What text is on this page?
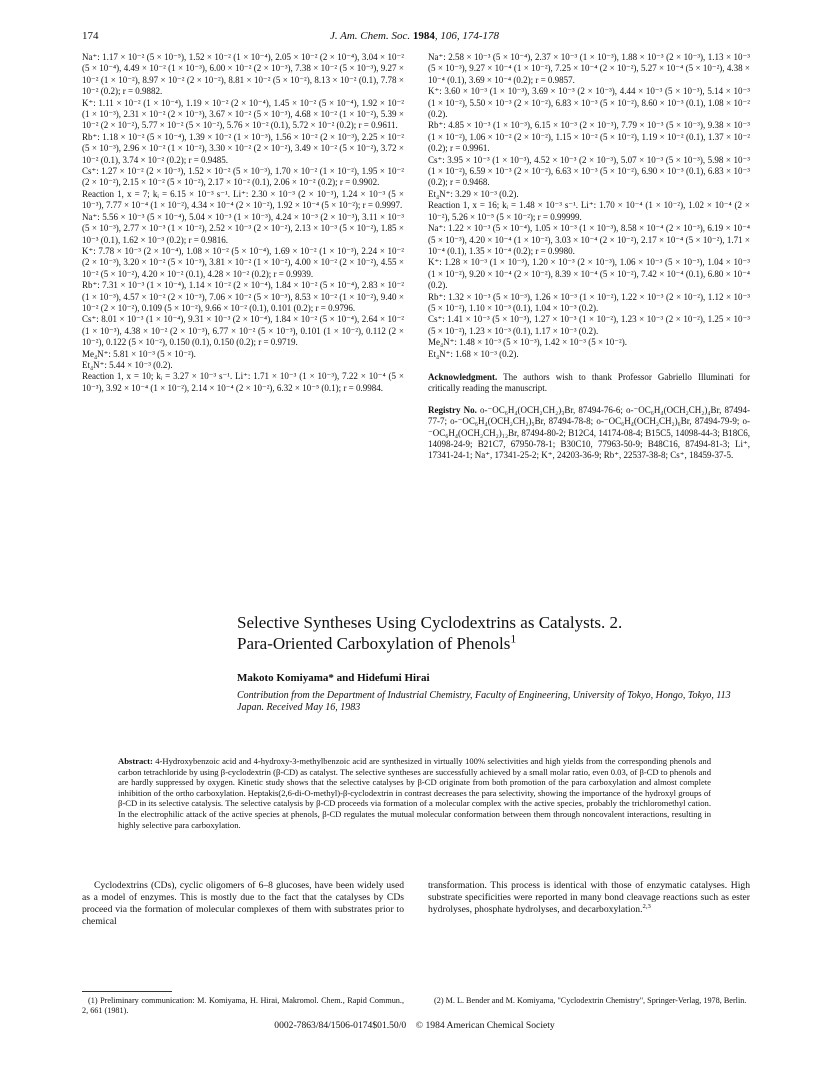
174	J. Am. Chem. Soc. 1984, 106, 174-178

Na⁺: 1.17 × 10⁻² (5 × 10⁻⁵), 1.52 × 10⁻² (1 × 10⁻⁴), 2.05 × 10⁻² (2 × 10⁻⁴), 3.04 × 10⁻² (5 × 10⁻⁴), 4.49 × 10⁻² (1 × 10⁻³), 6.00 × 10⁻² (2 × 10⁻³), 7.38 × 10⁻² (5 × 10⁻³), 9.27 × 10⁻² (1 × 10⁻²), 8.97 × 10⁻² (2 × 10⁻²), 8.81 × 10⁻² (5 × 10⁻²), 8.13 × 10⁻² (0.1), 7.78 × 10⁻² (0.2); r = 0.9882.

K⁺: 1.11 × 10⁻² (1 × 10⁻⁴), 1.19 × 10⁻² (2 × 10⁻⁴), 1.45 × 10⁻² (5 × 10⁻⁴), 1.92 × 10⁻² (1 × 10⁻³), 2.31 × 10⁻² (2 × 10⁻³), 3.67 × 10⁻² (5 × 10⁻³), 4.68 × 10⁻² (1 × 10⁻²), 5.39 × 10⁻² (2 × 10⁻²), 5.77 × 10⁻² (5 × 10⁻²), 5.76 × 10⁻² (0.1), 5.72 × 10⁻² (0.2); r = 0.9611.

Rb⁺: 1.18 × 10⁻² (5 × 10⁻⁴), 1.39 × 10⁻² (1 × 10⁻³), 1.56 × 10⁻² (2 × 10⁻³), 2.25 × 10⁻² (5 × 10⁻³), 2.96 × 10⁻² (1 × 10⁻²), 3.30 × 10⁻² (2 × 10⁻²), 3.49 × 10⁻² (5 × 10⁻²), 3.72 × 10⁻² (0.1), 3.74 × 10⁻² (0.2); r = 0.9485.

Cs⁺: 1.27 × 10⁻² (2 × 10⁻³), 1.52 × 10⁻² (5 × 10⁻³), 1.70 × 10⁻² (1 × 10⁻²), 1.95 × 10⁻² (2 × 10⁻²), 2.15 × 10⁻² (5 × 10⁻²), 2.17 × 10⁻² (0.1), 2.06 × 10⁻² (0.2); r = 0.9902.

Reaction 1, x = 7; kᵢ = 6.15 × 10⁻³ s⁻¹. Li⁺: 2.30 × 10⁻³ (2 × 10⁻³), 1.24 × 10⁻³ (5 × 10⁻³), 7.77 × 10⁻⁴ (1 × 10⁻²), 4.34 × 10⁻⁴ (2 × 10⁻²), 1.92 × 10⁻⁴ (5 × 10⁻²); r = 0.9997.

Na⁺: 5.56 × 10⁻³ (5 × 10⁻⁴), 5.04 × 10⁻³ (1 × 10⁻³), 4.24 × 10⁻³ (2 × 10⁻³), 3.11 × 10⁻³ (5 × 10⁻³), 2.77 × 10⁻³ (1 × 10⁻²), 2.52 × 10⁻³ (2 × 10⁻²), 2.13 × 10⁻³ (5 × 10⁻²), 1.85 × 10⁻³ (0.1), 1.62 × 10⁻³ (0.2); r = 0.9816.

K⁺: 7.78 × 10⁻³ (2 × 10⁻⁴), 1.08 × 10⁻² (5 × 10⁻⁴), 1.69 × 10⁻² (1 × 10⁻³), 2.24 × 10⁻² (2 × 10⁻³), 3.20 × 10⁻² (5 × 10⁻³), 3.81 × 10⁻² (1 × 10⁻²), 4.00 × 10⁻² (2 × 10⁻²), 4.55 × 10⁻² (5 × 10⁻²), 4.20 × 10⁻² (0.1), 4.28 × 10⁻² (0.2); r = 0.9939.

Rb⁺: 7.31 × 10⁻³ (1 × 10⁻⁴), 1.14 × 10⁻² (2 × 10⁻⁴), 1.84 × 10⁻² (5 × 10⁻⁴), 2.83 × 10⁻² (1 × 10⁻³), 4.57 × 10⁻² (2 × 10⁻³), 7.06 × 10⁻² (5 × 10⁻³), 8.53 × 10⁻² (1 × 10⁻²), 9.40 × 10⁻² (2 × 10⁻²), 0.109 (5 × 10⁻²), 9.66 × 10⁻² (0.1), 0.101 (0.2); r = 0.9796.

Cs⁺: 8.01 × 10⁻³ (1 × 10⁻⁴), 9.31 × 10⁻³ (2 × 10⁻⁴), 1.84 × 10⁻² (5 × 10⁻⁴), 2.64 × 10⁻² (1 × 10⁻³), 4.38 × 10⁻² (2 × 10⁻³), 6.77 × 10⁻² (5 × 10⁻³), 0.101 (1 × 10⁻²), 0.112 (2 × 10⁻²), 0.122 (5 × 10⁻²), 0.150 (0.1), 0.150 (0.2); r = 0.9719.

Me₄N⁺: 5.81 × 10⁻³ (5 × 10⁻²).

Et₄N⁺: 5.44 × 10⁻³ (0.2).

Reaction 1, x = 10; kᵢ = 3.27 × 10⁻³ s⁻¹. Li⁺: 1.71 × 10⁻³ (1 × 10⁻³), 7.22 × 10⁻⁴ (5 × 10⁻³), 3.92 × 10⁻⁴ (1 × 10⁻²), 2.14 × 10⁻⁴ (2 × 10⁻²), 6.32 × 10⁻⁵ (0.1); r = 0.9984.

Na⁺: 2.58 × 10⁻³ (5 × 10⁻⁴), 2.37 × 10⁻³ (1 × 10⁻³), 1.88 × 10⁻³ (2 × 10⁻³), 1.13 × 10⁻³ (5 × 10⁻³), 9.27 × 10⁻⁴ (1 × 10⁻²), 7.25 × 10⁻⁴ (2 × 10⁻²), 5.27 × 10⁻⁴ (5 × 10⁻²), 4.38 × 10⁻⁴ (0.1), 3.69 × 10⁻⁴ (0.2); r = 0.9857.

K⁺: 3.60 × 10⁻³ (1 × 10⁻³), 3.69 × 10⁻³ (2 × 10⁻³), 4.44 × 10⁻³ (5 × 10⁻³), 5.14 × 10⁻³ (1 × 10⁻²), 5.50 × 10⁻³ (2 × 10⁻²), 6.83 × 10⁻³ (5 × 10⁻²), 8.60 × 10⁻³ (0.1), 1.08 × 10⁻² (0.2).

Rb⁺: 4.85 × 10⁻³ (1 × 10⁻³), 6.15 × 10⁻³ (2 × 10⁻³), 7.79 × 10⁻³ (5 × 10⁻³), 9.38 × 10⁻³ (1 × 10⁻²), 1.06 × 10⁻² (2 × 10⁻²), 1.15 × 10⁻² (5 × 10⁻²), 1.19 × 10⁻² (0.1), 1.37 × 10⁻² (0.2); r = 0.9961.

Cs⁺: 3.95 × 10⁻³ (1 × 10⁻³), 4.52 × 10⁻³ (2 × 10⁻³), 5.07 × 10⁻³ (5 × 10⁻³), 5.98 × 10⁻³ (1 × 10⁻²), 6.59 × 10⁻³ (2 × 10⁻²), 6.63 × 10⁻³ (5 × 10⁻²), 6.90 × 10⁻³ (0.1), 6.83 × 10⁻³ (0.2); r = 0.9468.

Et₄N⁺: 3.29 × 10⁻³ (0.2).

Reaction 1, x = 16; kᵢ = 1.48 × 10⁻³ s⁻¹. Li⁺: 1.70 × 10⁻⁴ (1 × 10⁻²), 1.02 × 10⁻⁴ (2 × 10⁻²), 5.26 × 10⁻⁵ (5 × 10⁻²); r = 0.99999.

Na⁺: 1.22 × 10⁻³ (5 × 10⁻⁴), 1.05 × 10⁻³ (1 × 10⁻³), 8.58 × 10⁻⁴ (2 × 10⁻³), 6.19 × 10⁻⁴ (5 × 10⁻³), 4.20 × 10⁻⁴ (1 × 10⁻²), 3.03 × 10⁻⁴ (2 × 10⁻²), 2.17 × 10⁻⁴ (5 × 10⁻²), 1.71 × 10⁻⁴ (0.1), 1.35 × 10⁻⁴ (0.2); r = 0.9980.

K⁺: 1.28 × 10⁻³ (1 × 10⁻³), 1.20 × 10⁻³ (2 × 10⁻³), 1.06 × 10⁻³ (5 × 10⁻³), 1.04 × 10⁻³ (1 × 10⁻²), 9.20 × 10⁻⁴ (2 × 10⁻²), 8.39 × 10⁻⁴ (5 × 10⁻²), 7.42 × 10⁻⁴ (0.1), 6.80 × 10⁻⁴ (0.2).

Rb⁺: 1.32 × 10⁻³ (5 × 10⁻³), 1.26 × 10⁻³ (1 × 10⁻²), 1.22 × 10⁻³ (2 × 10⁻²), 1.12 × 10⁻³ (5 × 10⁻²), 1.10 × 10⁻³ (0.1), 1.04 × 10⁻³ (0.2).

Cs⁺: 1.41 × 10⁻³ (5 × 10⁻³), 1.27 × 10⁻³ (1 × 10⁻²), 1.23 × 10⁻³ (2 × 10⁻²), 1.25 × 10⁻³ (5 × 10⁻²), 1.23 × 10⁻³ (0.1), 1.17 × 10⁻³ (0.2).

Me₄N⁺: 1.48 × 10⁻³ (5 × 10⁻³), 1.42 × 10⁻³ (5 × 10⁻²).

Et₄N⁺: 1.68 × 10⁻³ (0.2).

Acknowledgment. The authors wish to thank Professor Gabriello Illuminati for critically reading the manuscript.

Registry No. o-⁻OC₆H₄(OCH₂CH₂)₃Br, 87494-76-6; o-⁻OC₆H₄(OCH₂CH₂)₄Br, 87494-77-7; o-⁻OC₆H₄(OCH₂CH₂)₅Br, 87494-78-8; o-⁻OC₆H₄(OCH₂CH₂)₆Br, 87494-79-9; o-⁻OC₆H₄(OCH₂CH₂)₁₂Br, 87494-80-2; B12C4, 14174-08-4; B15C5, 14098-44-3; B18C6, 14098-24-9; B21C7, 67950-78-1; B30C10, 77963-50-9; B48C16, 87494-81-3; Li⁺, 17341-24-1; Na⁺, 17341-25-2; K⁺, 24203-36-9; Rb⁺, 22537-38-8; Cs⁺, 18459-37-5.

Selective Syntheses Using Cyclodextrins as Catalysts. 2.
Para-Oriented Carboxylation of Phenols$^1$

Makoto Komiyama* and Hidefumi Hirai

Contribution from the Department of Industrial Chemistry, Faculty of Engineering, University of Tokyo, Hongo, Tokyo, 113 Japan. Received May 16, 1983

Abstract: 4-Hydroxybenzoic acid and 4-hydroxy-3-methylbenzoic acid are synthesized in virtually 100% selectivities and high yields from the corresponding phenols and carbon tetrachloride by using β-cyclodextrin (β-CD) as catalyst. The selective syntheses are successfully achieved by a small molar ratio, even 0.03, of β-CD to phenols and are hardly suppressed by oxygen. Kinetic study shows that the selective catalyses by β-CD originate from both promotion of the para carboxylation and almost complete inhibition of the ortho carboxylation. Heptakis(2,6-di-O-methyl)-β-cyclodextrin in contrast decreases the para selectivity, showing the importance of the hydroxyl groups of β-CD in its selective catalysis. The selective catalysis by β-CD proceeds via formation of a molecular complex with the active species, probably the trichloromethyl cation. In the electrophilic attack of the active species at phenols, β-CD regulates the mutual molecular conformation between them through noncovalent interactions, resulting in highly selective para carboxylation.

Cyclodextrins (CDs), cyclic oligomers of 6–8 glucoses, have been widely used as a model of enzymes. This is mostly due to the fact that the catalyses by CDs proceed via the formation of molecular complexes of them with substrates prior to chemical

transformation. This process is identical with those of enzymatic catalyses. High substrate specificities were reported in many bond cleavage reactions such as ester hydrolyses, phosphate hydrolyses, and decarboxylation.$^{2,3}$

(1) Preliminary communication: M. Komiyama, H. Hirai, Makromol. Chem., Rapid Commun., 2, 661 (1981).

(2) M. L. Bender and M. Komiyama, "Cyclodextrin Chemistry", Springer-Verlag, 1978, Berlin.

0002-7863/84/1506-0174$01.50/0 © 1984 American Chemical Society
